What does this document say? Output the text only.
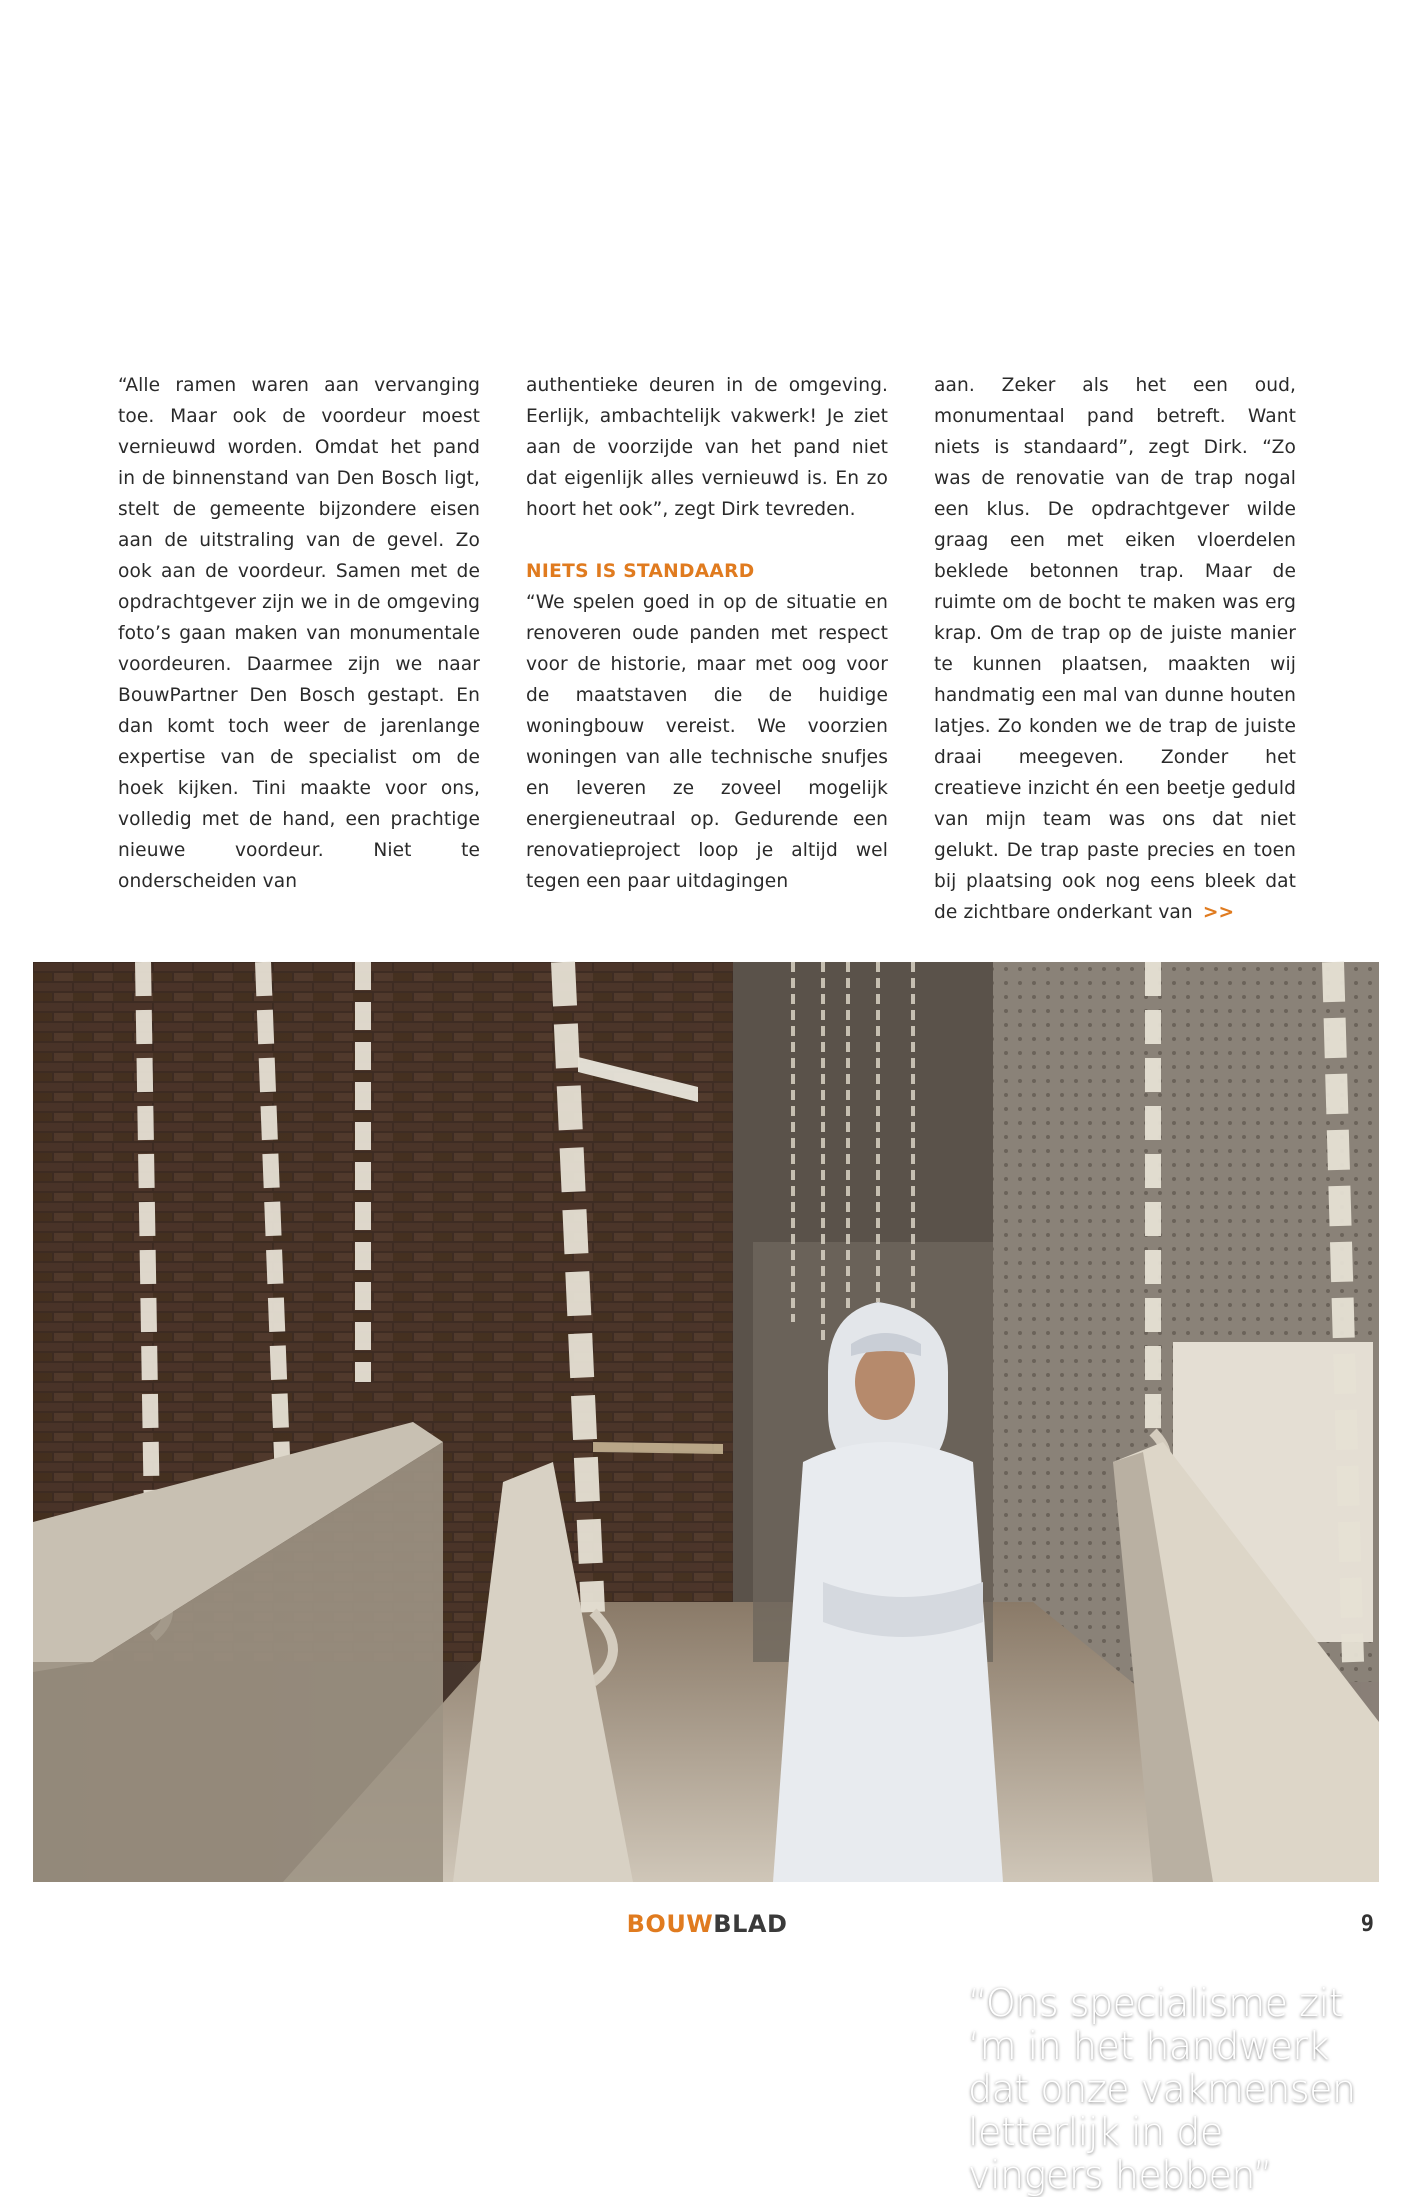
“Alle ramen waren aan vervanging toe. Maar ook de voordeur moest vernieuwd worden. Omdat het pand in de binnenstand van Den Bosch ligt, stelt de gemeente bijzondere eisen aan de uitstraling van de gevel. Zo ook aan de voordeur. Samen met de opdrachtgever zijn we in de omgeving foto’s gaan maken van monumentale voordeuren. Daarmee zijn we naar BouwPartner Den Bosch gestapt. En dan komt toch weer de jarenlange expertise van de specialist om de hoek kijken. Tini maakte voor ons, volledig met de hand, een prachtige nieuwe voordeur. Niet te onderscheiden van

authentieke deuren in de omgeving. Eerlijk, ambachtelijk vakwerk! Je ziet aan de voorzijde van het pand niet dat eigenlijk alles vernieuwd is. En zo hoort het ook”, zegt Dirk tevreden.

NIETS IS STANDAARD

“We spelen goed in op de situatie en renoveren oude panden met respect voor de historie, maar met oog voor de maatstaven die de huidige woningbouw vereist. We voorzien woningen van alle technische snufjes en leveren ze zoveel mogelijk energieneutraal op. Gedurende een renovatieproject loop je altijd wel tegen een paar uitdagingen

aan. Zeker als het een oud, monumentaal pand betreft. Want niets is standaard”, zegt Dirk. “Zo was de renovatie van de trap nogal een klus. De opdrachtgever wilde graag een met eiken vloerdelen beklede betonnen trap. Maar de ruimte om de bocht te maken was erg krap. Om de trap op de juiste manier te kunnen plaatsen, maakten wij handmatig een mal van dunne houten latjes. Zo konden we de trap de juiste draai meegeven. Zonder het creatieve inzicht én een beetje geduld van mijn team was ons dat niet gelukt. De trap paste precies en toen bij plaatsing ook nog eens bleek dat de zichtbare onderkant van >>

“Ons specialisme zit ‘m in het handwerk dat onze vakmensen letterlijk in de vingers hebben”
BOUWBLAD	9
